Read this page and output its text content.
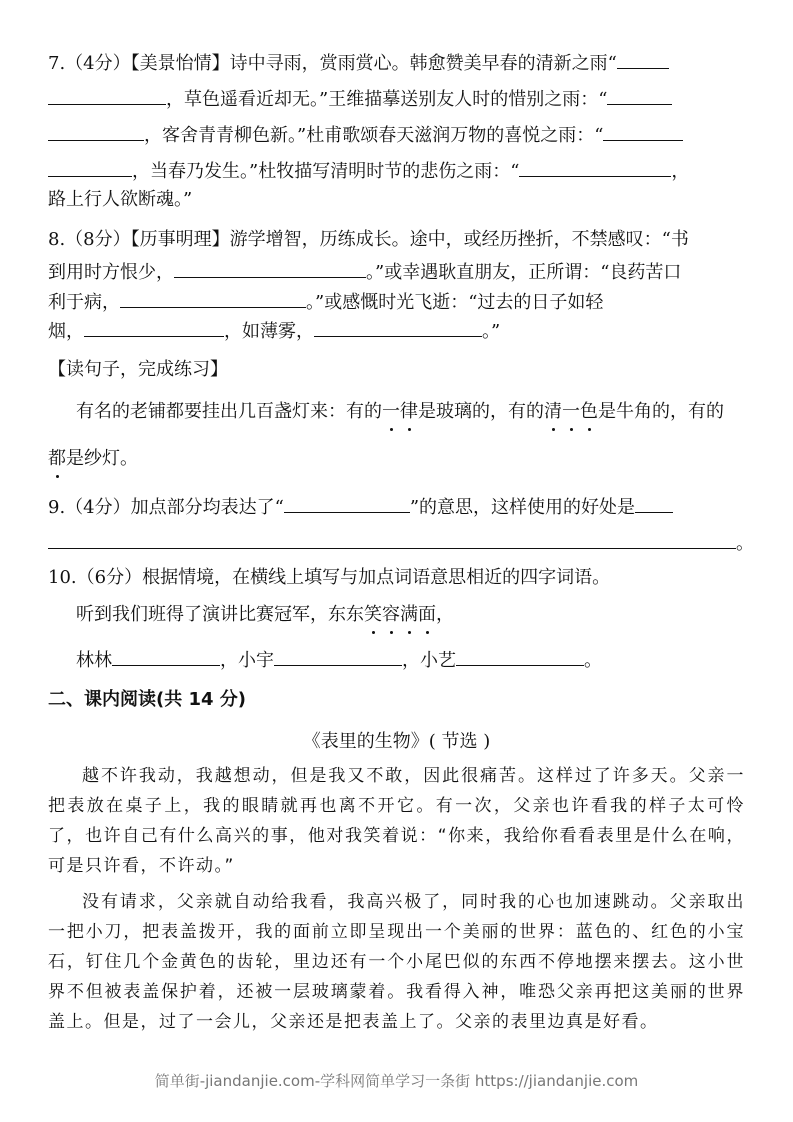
7.（4分）【美景怡情】诗中寻雨，赏雨赏心。韩愈赞美早春的清新之雨“
，草色遥看近却无。”王维描摹送别友人时的惜别之雨：“
，客舍青青柳色新。”杜甫歌颂春天滋润万物的喜悦之雨：“
，当春乃发生。”杜牧描写清明时节的悲伤之雨：“	，
路上行人欲断魂。”
8.（8分）【历事明理】游学增智，历练成长。途中，或经历挫折，不禁感叹：“书
到用时方恨少，	。”或幸遇耿直朋友，正所谓：“良药苦口
利于病，	。”或感慨时光飞逝：“过去的日子如轻
烟，	，如薄雾，	。”
【读句子，完成练习】
有名的老铺都要挂出几百盏灯来：有的一律是玻璃的，有的清一色是牛角的，有的
都是纱灯。
9.（4分）加点部分均表达了“	”的意思，这样使用的好处是
。
10.（6分）根据情境，在横线上填写与加点词语意思相近的四字词语。
听到我们班得了演讲比赛冠军，东东笑容满面，
林林	，小宇	，小艺	。
二、课内阅读(共 14 分)
《表里的生物》( 节选 )

越不许我动，我越想动，但是我又不敢，因此很痛苦。这样过了许多天。父亲一把表放在桌子上，我的眼睛就再也离不开它。有一次，父亲也许看我的样子太可怜了，也许自己有什么高兴的事，他对我笑着说：“你来，我给你看看表里是什么在响，可是只许看，不许动。”

没有请求，父亲就自动给我看，我高兴极了，同时我的心也加速跳动。父亲取出一把小刀，把表盖拨开，我的面前立即呈现出一个美丽的世界：蓝色的、红色的小宝石，钉住几个金黄色的齿轮，里边还有一个小尾巴似的东西不停地摆来摆去。这小世界不但被表盖保护着，还被一层玻璃蒙着。我看得入神，唯恐父亲再把这美丽的世界盖上。但是，过了一会儿，父亲还是把表盖上了。父亲的表里边真是好看。

简单街-jiandanjie.com-学科网简单学习一条街 https://jiandanjie.com
